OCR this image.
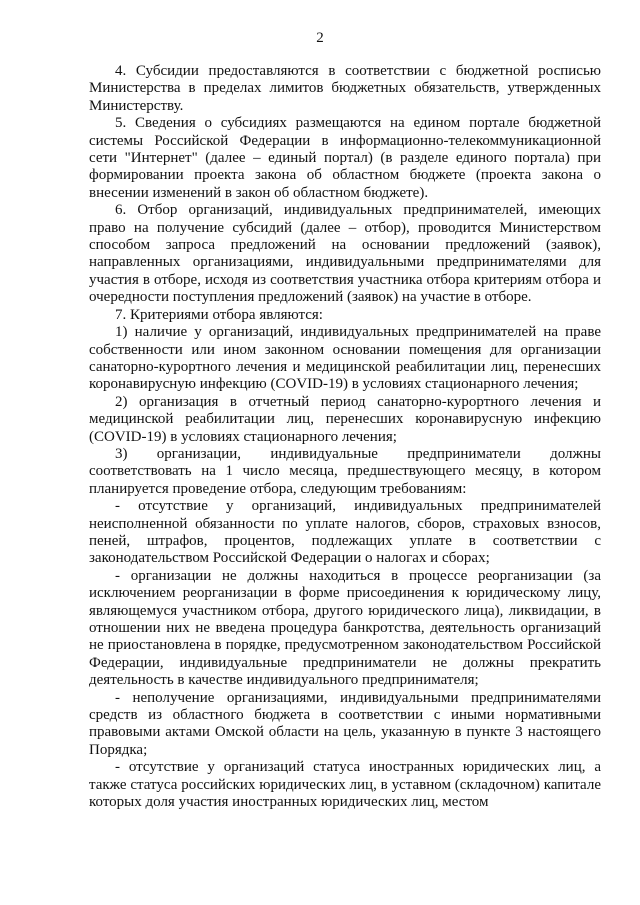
2

4. Субсидии предоставляются в соответствии с бюджетной росписью Министерства в пределах лимитов бюджетных обязательств, утвержденных Министерству.

5. Сведения о субсидиях размещаются на едином портале бюджетной системы Российской Федерации в информационно-телекоммуникационной сети "Интернет" (далее – единый портал) (в разделе единого портала) при формировании проекта закона об областном бюджете (проекта закона о внесении изменений в закон об областном бюджете).

6. Отбор организаций, индивидуальных предпринимателей, имеющих право на получение субсидий (далее – отбор), проводится Министерством способом запроса предложений на основании предложений (заявок), направленных организациями, индивидуальными предпринимателями для участия в отборе, исходя из соответствия участника отбора критериям отбора и очередности поступления предложений (заявок) на участие в отборе.

7. Критериями отбора являются:

1) наличие у организаций, индивидуальных предпринимателей на праве собственности или ином законном основании помещения для организации санаторно-курортного лечения и медицинской реабилитации лиц, перенесших коронавирусную инфекцию (COVID-19) в условиях стационарного лечения;

2) организация в отчетный период санаторно-курортного лечения и медицинской реабилитации лиц, перенесших коронавирусную инфекцию (COVID-19) в условиях стационарного лечения;

3) организации, индивидуальные предприниматели должны соответствовать на 1 число месяца, предшествующего месяцу, в котором планируется проведение отбора, следующим требованиям:

- отсутствие у организаций, индивидуальных предпринимателей неисполненной обязанности по уплате налогов, сборов, страховых взносов, пеней, штрафов, процентов, подлежащих уплате в соответствии с законодательством Российской Федерации о налогах и сборах;

- организации не должны находиться в процессе реорганизации (за исключением реорганизации в форме присоединения к юридическому лицу, являющемуся участником отбора, другого юридического лица), ликвидации, в отношении них не введена процедура банкротства, деятельность организаций не приостановлена в порядке, предусмотренном законодательством Российской Федерации, индивидуальные предприниматели не должны прекратить деятельность в качестве индивидуального предпринимателя;

- неполучение организациями, индивидуальными предпринимателями средств из областного бюджета в соответствии с иными нормативными правовыми актами Омской области на цель, указанную в пункте 3 настоящего Порядка;

- отсутствие у организаций статуса иностранных юридических лиц, а также статуса российских юридических лиц, в уставном (складочном) капитале которых доля участия иностранных юридических лиц, местом
